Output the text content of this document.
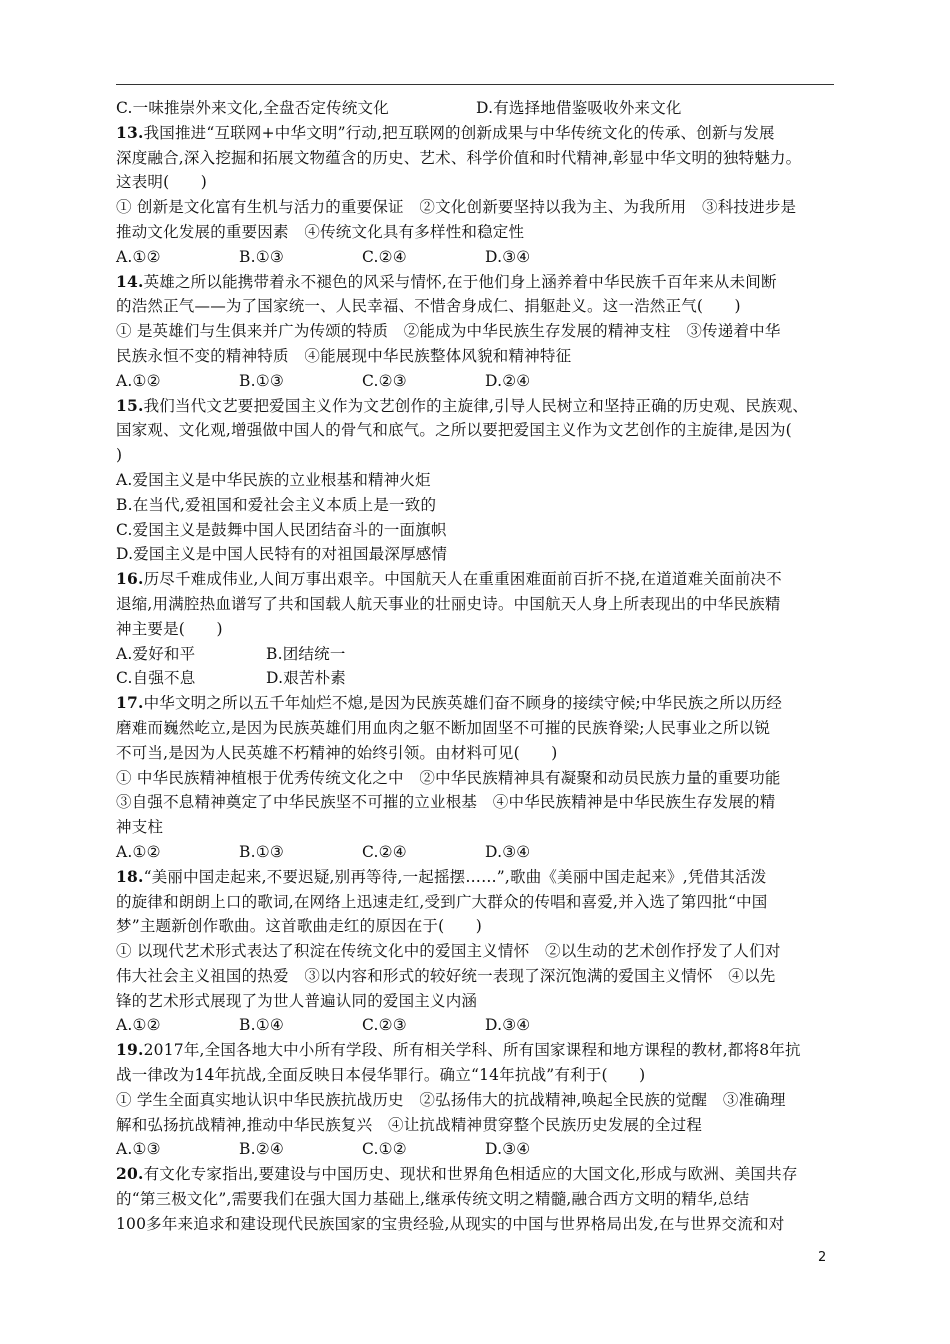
C.一味推崇外来文化,全盘否定传统文化	D.有选择地借鉴吸收外来文化
13.我国推进“互联网+中华文明”行动,把互联网的创新成果与中华传统文化的传承、创新与发展
深度融合,深入挖掘和拓展文物蕴含的历史、艺术、科学价值和时代精神,彰显中华文明的独特魅力。
这表明(　　)
① 创新是文化富有生机与活力的重要保证　②文化创新要坚持以我为主、为我所用　③科技进步是
推动文化发展的重要因素　④传统文化具有多样性和稳定性
A.①②	B.①③	C.②④	D.③④
14.英雄之所以能携带着永不褪色的风采与情怀,在于他们身上涵养着中华民族千百年来从未间断
的浩然正气——为了国家统一、人民幸福、不惜舍身成仁、捐躯赴义。这一浩然正气(　　)
① 是英雄们与生俱来并广为传颂的特质　②能成为中华民族生存发展的精神支柱　③传递着中华
民族永恒不变的精神特质　④能展现中华民族整体风貌和精神特征
A.①②	B.①③	C.②③	D.②④
15.我们当代文艺要把爱国主义作为文艺创作的主旋律,引导人民树立和坚持正确的历史观、民族观、
国家观、文化观,增强做中国人的骨气和底气。之所以要把爱国主义作为文艺创作的主旋律,是因为(
)
A.爱国主义是中华民族的立业根基和精神火炬
B.在当代,爱祖国和爱社会主义本质上是一致的
C.爱国主义是鼓舞中国人民团结奋斗的一面旗帜
D.爱国主义是中国人民特有的对祖国最深厚感情
16.历尽千难成伟业,人间万事出艰辛。中国航天人在重重困难面前百折不挠,在道道难关面前决不
退缩,用满腔热血谱写了共和国载人航天事业的壮丽史诗。中国航天人身上所表现出的中华民族精
神主要是(　　)
A.爱好和平	B.团结统一
C.自强不息	D.艰苦朴素
17.中华文明之所以五千年灿烂不熄,是因为民族英雄们奋不顾身的接续守候;中华民族之所以历经
磨难而巍然屹立,是因为民族英雄们用血肉之躯不断加固坚不可摧的民族脊梁;人民事业之所以锐
不可当,是因为人民英雄不朽精神的始终引领。由材料可见(　　)
① 中华民族精神植根于优秀传统文化之中　②中华民族精神具有凝聚和动员民族力量的重要功能
③自强不息精神奠定了中华民族坚不可摧的立业根基　④中华民族精神是中华民族生存发展的精
神支柱
A.①②	B.①③	C.②④	D.③④
18.“美丽中国走起来,不要迟疑,别再等待,一起摇摆……”,歌曲《美丽中国走起来》,凭借其活泼
的旋律和朗朗上口的歌词,在网络上迅速走红,受到广大群众的传唱和喜爱,并入选了第四批“中国
梦”主题新创作歌曲。这首歌曲走红的原因在于(　　)
① 以现代艺术形式表达了积淀在传统文化中的爱国主义情怀　②以生动的艺术创作抒发了人们对
伟大社会主义祖国的热爱　③以内容和形式的较好统一表现了深沉饱满的爱国主义情怀　④以先
锋的艺术形式展现了为世人普遍认同的爱国主义内涵
A.①②	B.①④	C.②③	D.③④
19.2017年,全国各地大中小所有学段、所有相关学科、所有国家课程和地方课程的教材,都将8年抗
战一律改为14年抗战,全面反映日本侵华罪行。确立“14年抗战”有利于(　　)
① 学生全面真实地认识中华民族抗战历史　②弘扬伟大的抗战精神,唤起全民族的觉醒　③准确理
解和弘扬抗战精神,推动中华民族复兴　④让抗战精神贯穿整个民族历史发展的全过程
A.①③	B.②④	C.①②	D.③④
20.有文化专家指出,要建设与中国历史、现状和世界角色相适应的大国文化,形成与欧洲、美国共存
的“第三极文化”,需要我们在强大国力基础上,继承传统文明之精髓,融合西方文明的精华,总结
100多年来追求和建设现代民族国家的宝贵经验,从现实的中国与世界格局出发,在与世界交流和对
2
